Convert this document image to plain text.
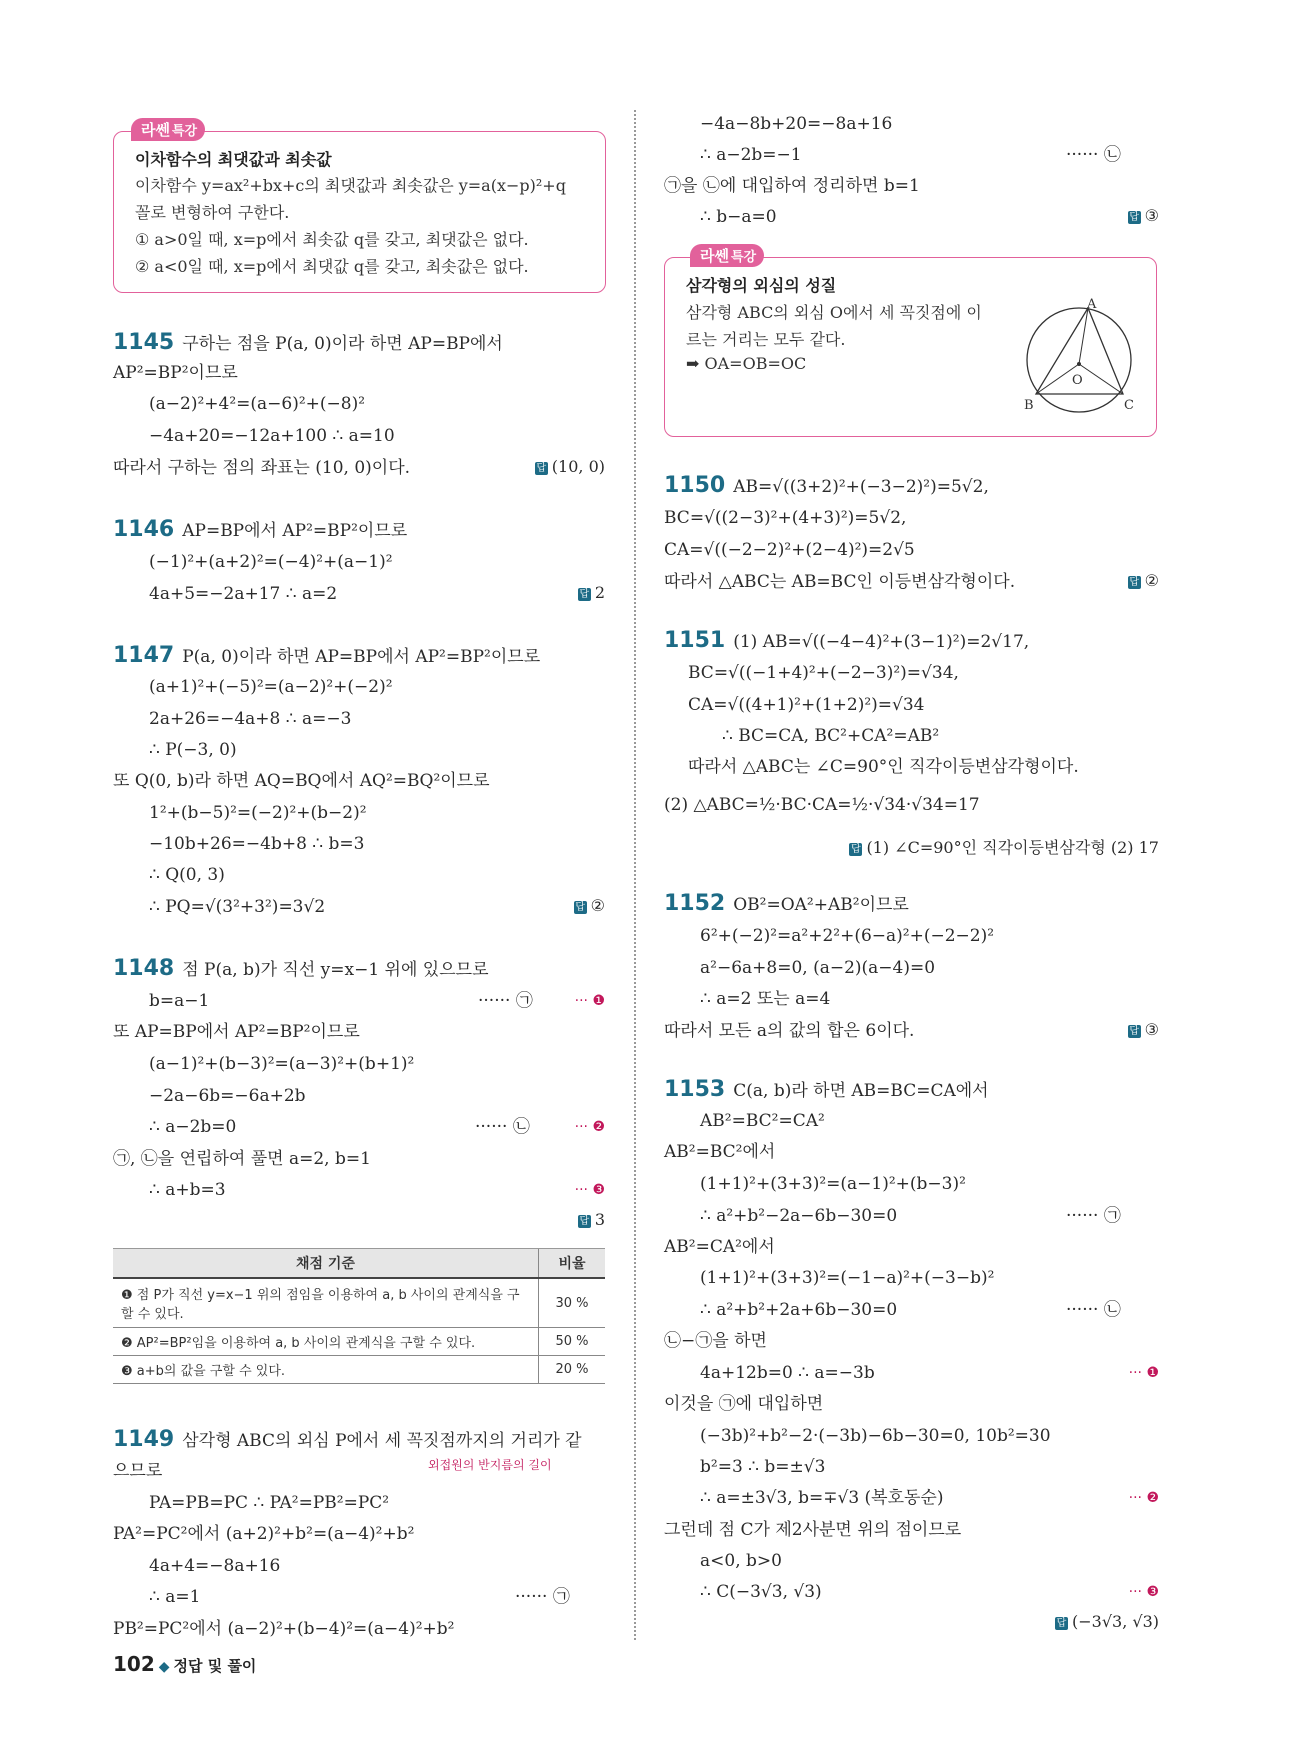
라쎈 특강
이차함수의 최댓값과 최솟값
이차함수 y=ax²+bx+c의 최댓값과 최솟값은 y=a(x−p)²+q
꼴로 변형하여 구한다.
① a>0일 때, x=p에서 최솟값 q를 갖고, 최댓값은 없다.
② a<0일 때, x=p에서 최댓값 q를 갖고, 최솟값은 없다.
1145 구하는 점을 P(a, 0)이라 하면 AP=BP에서
AP²=BP²이므로
(a−2)²+4²=(a−6)²+(−8)²
−4a+20=−12a+100 ∴ a=10
따라서 구하는 점의 좌표는 (10, 0)이다.	답 (10, 0)
1146 AP=BP에서 AP²=BP²이므로
(−1)²+(a+2)²=(−4)²+(a−1)²
4a+5=−2a+17 ∴ a=2	답 2
1147 P(a, 0)이라 하면 AP=BP에서 AP²=BP²이므로
(a+1)²+(−5)²=(a−2)²+(−2)²
2a+26=−4a+8 ∴ a=−3
∴ P(−3, 0)
또 Q(0, b)라 하면 AQ=BQ에서 AQ²=BQ²이므로
1²+(b−5)²=(−2)²+(b−2)²
−10b+26=−4b+8 ∴ b=3
∴ Q(0, 3)
∴ PQ=√(3²+3²)=3√2	답 ②
1148 점 P(a, b)가 직선 y=x−1 위에 있으므로
b=a−1	······ ㉠	··· ❶
또 AP=BP에서 AP²=BP²이므로
(a−1)²+(b−3)²=(a−3)²+(b+1)²
−2a−6b=−6a+2b
∴ a−2b=0	······ ㉡	··· ❷
㉠, ㉡을 연립하여 풀면 a=2, b=1
∴ a+b=3	··· ❸
답 3
채점 기준	비율
❶ 점 P가 직선 y=x−1 위의 점임을 이용하여 a, b 사이의 관계식을 구할 수 있다.	30 %
❷ AP²=BP²임을 이용하여 a, b 사이의 관계식을 구할 수 있다.	50 %
❸ a+b의 값을 구할 수 있다.	20 %
1149 삼각형 ABC의 외심 P에서 세 꼭짓점까지의 거리가 같
외접원의 반지름의 길이
으므로
PA=PB=PC ∴ PA²=PB²=PC²
PA²=PC²에서 (a+2)²+b²=(a−4)²+b²
4a+4=−8a+16
∴ a=1	······ ㉠
PB²=PC²에서 (a−2)²+(b−4)²=(a−4)²+b²
−4a−8b+20=−8a+16
∴ a−2b=−1	······ ㉡
㉠을 ㉡에 대입하여 정리하면 b=1
∴ b−a=0	답 ③
라쎈 특강
삼각형의 외심의 성질
삼각형 ABC의 외심 O에서 세 꼭짓점에 이
르는 거리는 모두 같다.
➡ OA=OB=OC
A
B	C
O
1150 AB=√((3+2)²+(−3−2)²)=5√2,
BC=√((2−3)²+(4+3)²)=5√2,
CA=√((−2−2)²+(2−4)²)=2√5
따라서 △ABC는 AB=BC인 이등변삼각형이다.	답 ②
1151 (1) AB=√((−4−4)²+(3−1)²)=2√17,
BC=√((−1+4)²+(−2−3)²)=√34,
CA=√((4+1)²+(1+2)²)=√34
∴ BC=CA, BC²+CA²=AB²
따라서 △ABC는 ∠C=90°인 직각이등변삼각형이다.
(2) △ABC=½·BC·CA=½·√34·√34=17
답 (1) ∠C=90°인 직각이등변삼각형 (2) 17
1152 OB²=OA²+AB²이므로
6²+(−2)²=a²+2²+(6−a)²+(−2−2)²
a²−6a+8=0, (a−2)(a−4)=0
∴ a=2 또는 a=4
따라서 모든 a의 값의 합은 6이다.	답 ③
1153 C(a, b)라 하면 AB=BC=CA에서
AB²=BC²=CA²
AB²=BC²에서
(1+1)²+(3+3)²=(a−1)²+(b−3)²
∴ a²+b²−2a−6b−30=0	······ ㉠
AB²=CA²에서
(1+1)²+(3+3)²=(−1−a)²+(−3−b)²
∴ a²+b²+2a+6b−30=0	······ ㉡
㉡−㉠을 하면
4a+12b=0 ∴ a=−3b	··· ❶
이것을 ㉠에 대입하면
(−3b)²+b²−2·(−3b)−6b−30=0, 10b²=30
b²=3 ∴ b=±√3
∴ a=±3√3, b=∓√3 (복호동순)	··· ❷
그런데 점 C가 제2사분면 위의 점이므로
a<0, b>0
∴ C(−3√3, √3)	··· ❸
답 (−3√3, √3)
102 ◆ 정답 및 풀이
